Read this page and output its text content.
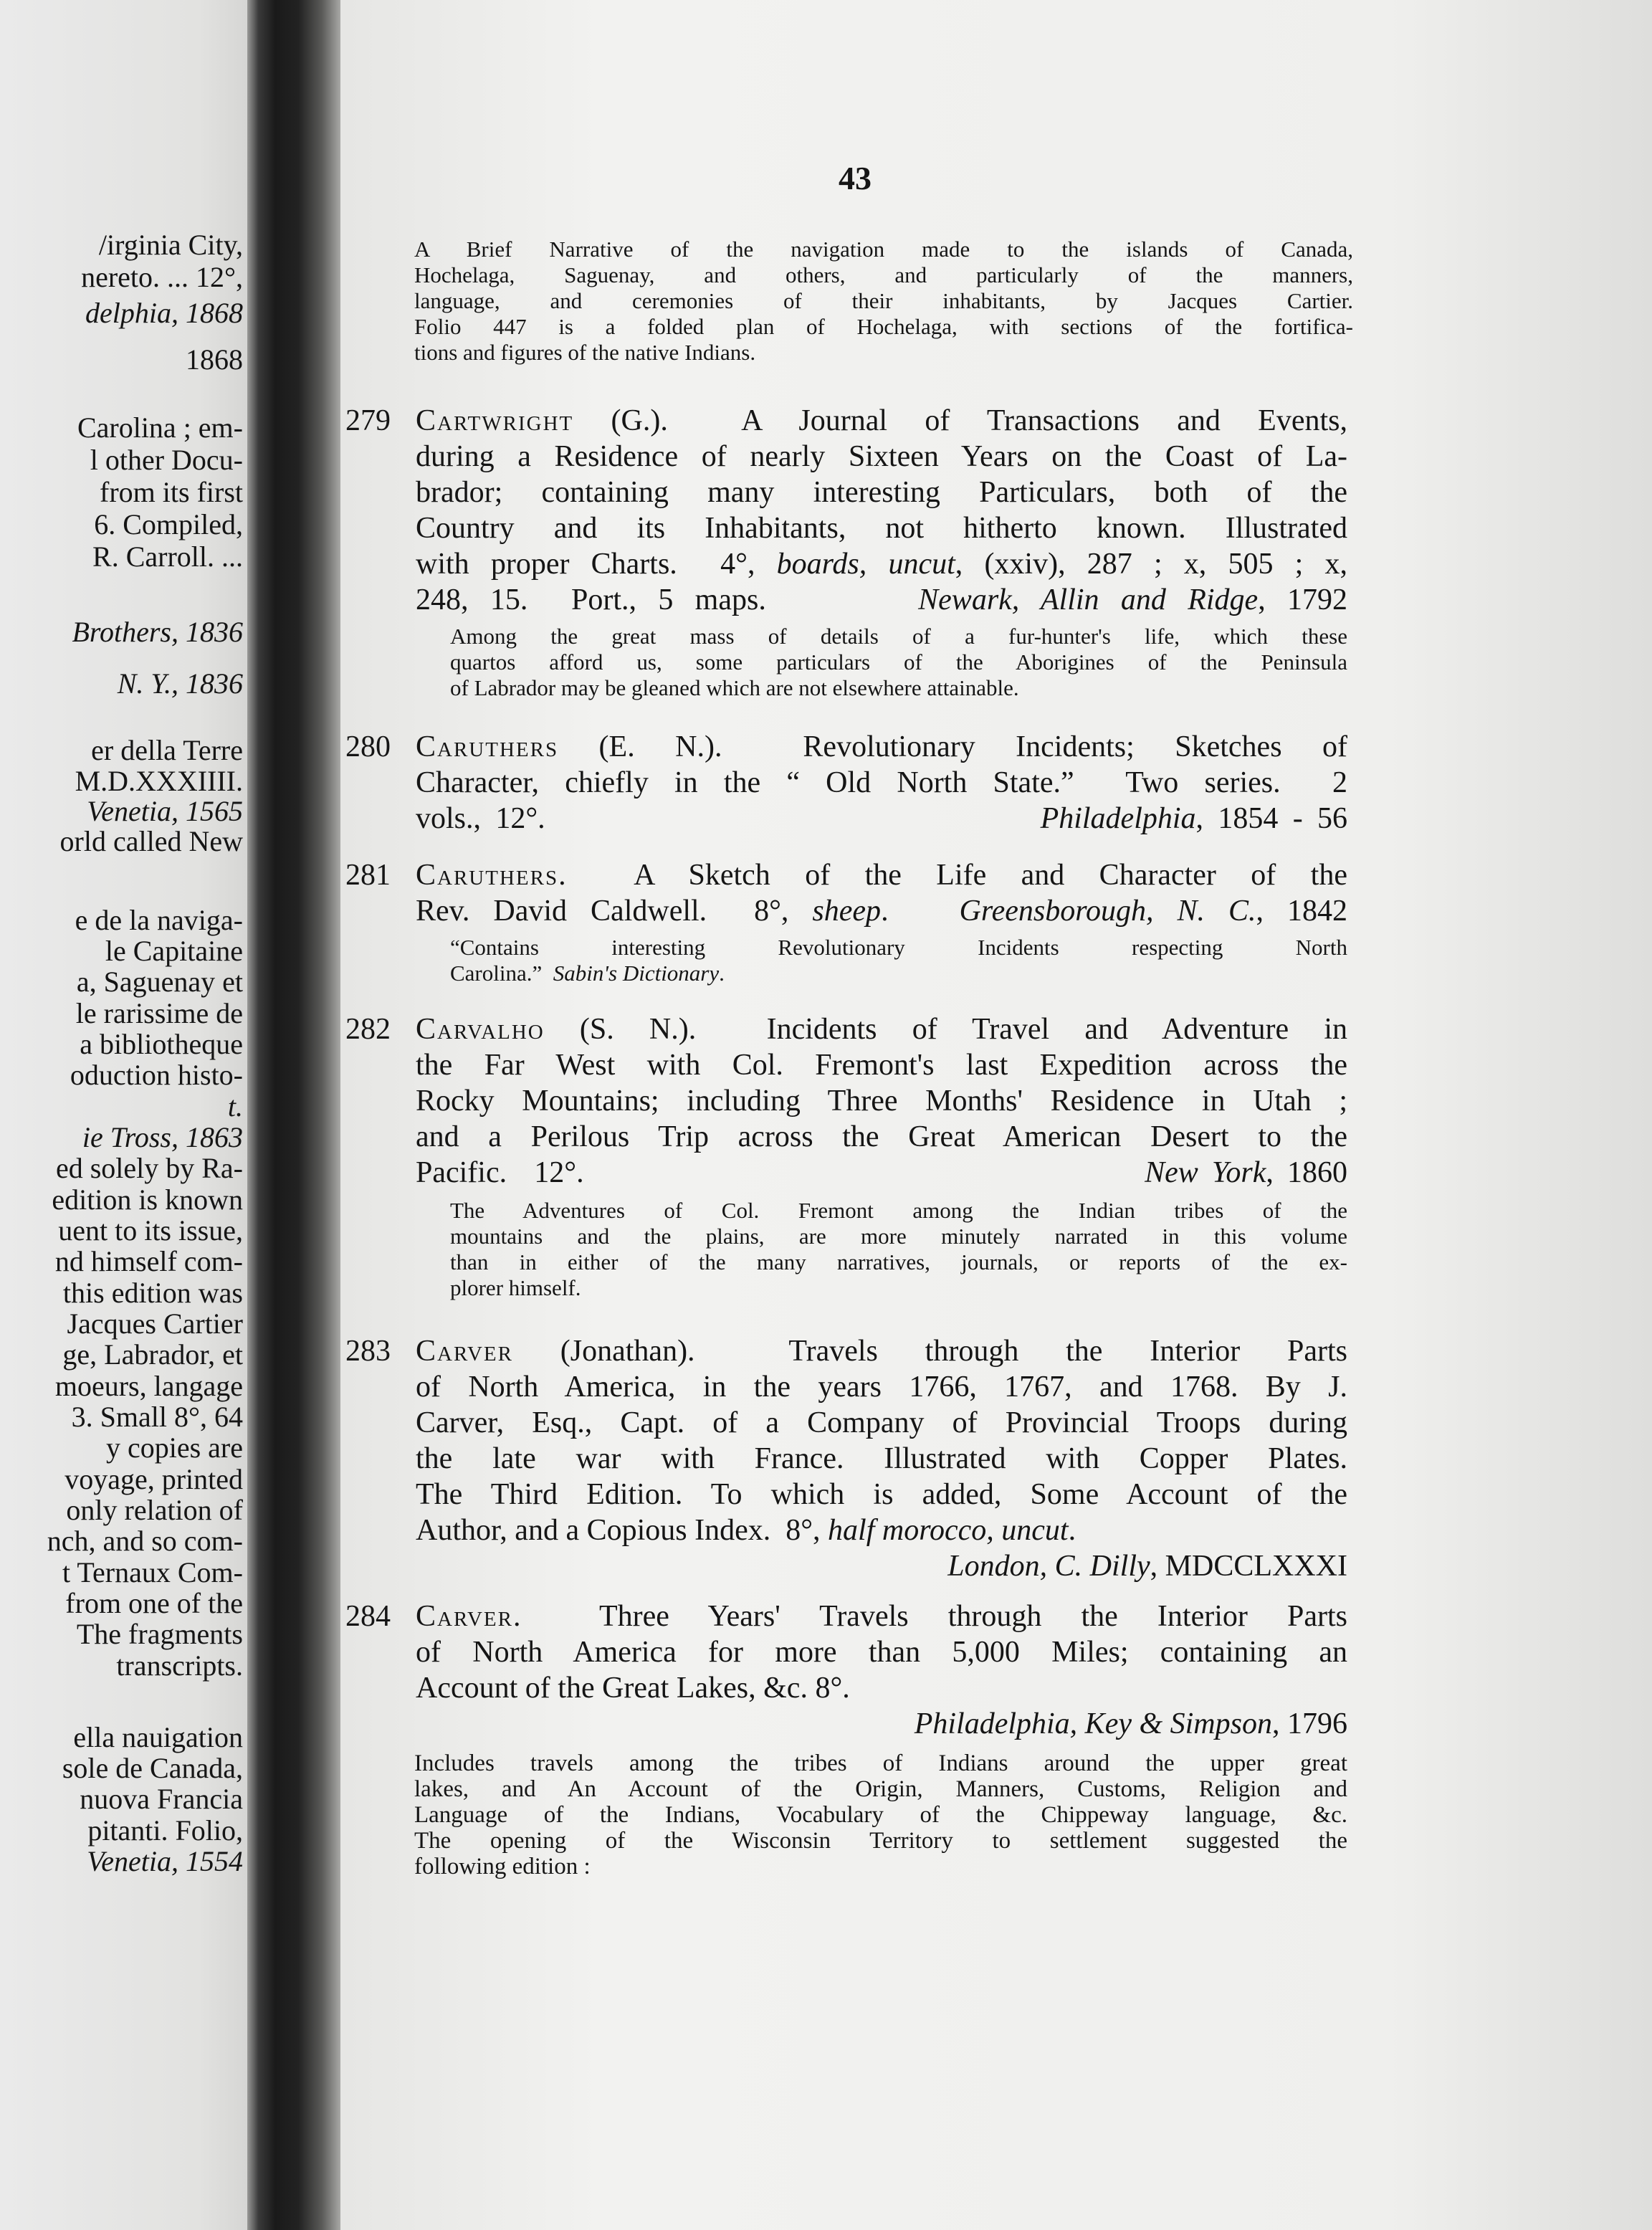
/irginia City,
nereto. ... 12°,
delphia, 1868
1868
Carolina ; em-
l other Docu-
from its first
6. Compiled,
R. Carroll. ...
Brothers, 1836
N. Y., 1836
er della Terre
M.D.XXXIIII.
Venetia, 1565
orld called New
e de la naviga-
le Capitaine
a, Saguenay et
le rarissime de
a bibliotheque
oduction histo-
t.
ie Tross, 1863
ed solely by Ra-
edition is known
uent to its issue,
nd himself com-
this edition was
Jacques Cartier
ge, Labrador, et
moeurs, langage
3. Small 8°, 64
y copies are
voyage, printed
only relation of
nch, and so com-
t Ternaux Com-
from one of the
The fragments
transcripts.
ella nauigation
sole de Canada,
nuova Francia
pitanti. Folio,
Venetia, 1554
43
A Brief Narrative of the navigation made to the islands of Canada,
Hochelaga, Saguenay, and others, and particularly of the manners,
language, and ceremonies of their inhabitants, by Jacques Cartier.
Folio 447 is a folded plan of Hochelaga, with sections of the fortifica-
tions and figures of the native Indians.
279 Cartwright (G.).  A Journal of Transactions and Events,
during a Residence of nearly Sixteen Years on the Coast of La-
brador; containing many interesting Particulars, both of the
Country and its Inhabitants, not hitherto known. Illustrated
with proper Charts.  4°, boards, uncut, (xxiv), 287 ; x, 505 ; x,
248, 15.  Port., 5 maps.       Newark, Allin and Ridge, 1792
Among the great mass of details of a fur-hunter's life, which these
quartos afford us, some particulars of the Aborigines of the Peninsula
of Labrador may be gleaned which are not elsewhere attainable.
280 Caruthers (E. N.).  Revolutionary Incidents; Sketches of
Character, chiefly in the “ Old North State.”  Two series.  2
vols., 12°.                                  Philadelphia, 1854 - 56
281 Caruthers.  A Sketch of the Life and Character of the
Rev. David Caldwell.  8°, sheep.   Greensborough, N. C., 1842
“Contains interesting Revolutionary Incidents respecting North
Carolina.”  Sabin's Dictionary.
282 Carvalho (S. N.).  Incidents of Travel and Adventure in
the Far West with Col. Fremont's last Expedition across the
Rocky Mountains; including Three Months' Residence in Utah ;
and a Perilous Trip across the Great American Desert to the
Pacific.  12°.                                         New York, 1860
The Adventures of Col. Fremont among the Indian tribes of the
mountains and the plains, are more minutely narrated in this volume
than in either of the many narratives, journals, or reports of the ex-
plorer himself.
283 Carver (Jonathan).  Travels through the Interior Parts
of North America, in the years 1766, 1767, and 1768. By J.
Carver, Esq., Capt. of a Company of Provincial Troops during
the late war with France. Illustrated with Copper Plates.
The Third Edition. To which is added, Some Account of the
Author, and a Copious Index.  8°, half morocco, uncut.
London, C. Dilly, MDCCLXXXI
284 Carver.  Three Years' Travels through the Interior Parts
of North America for more than 5,000 Miles; containing an
Account of the Great Lakes, &c. 8°.
Philadelphia, Key & Simpson, 1796
Includes travels among the tribes of Indians around the upper great
lakes, and An Account of the Origin, Manners, Customs, Religion and
Language of the Indians, Vocabulary of the Chippeway language, &c.
The opening of the Wisconsin Territory to settlement suggested the
following edition :
